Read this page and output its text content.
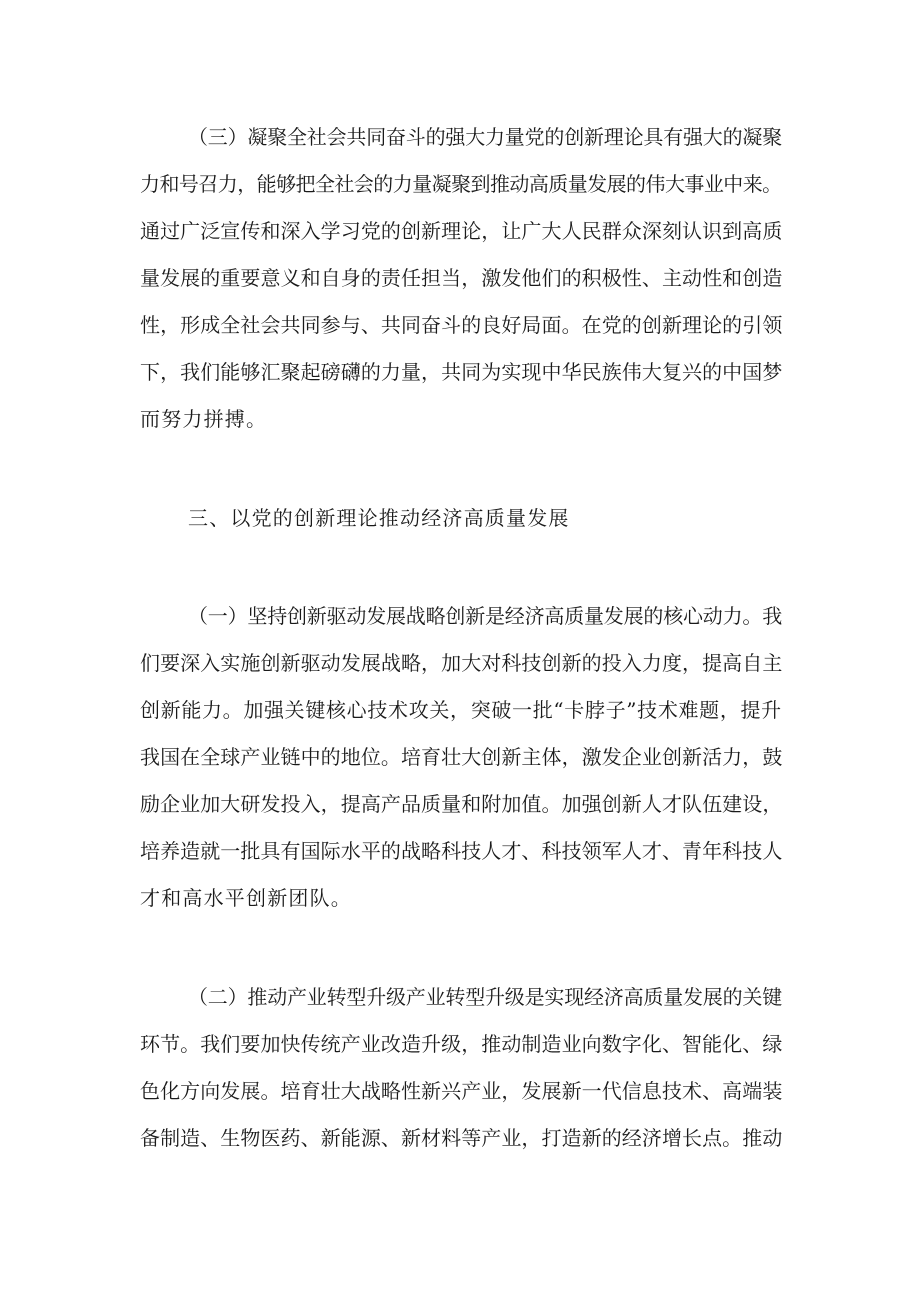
（三）凝聚全社会共同奋斗的强大力量党的创新理论具有强大的凝聚
力和号召力，能够把全社会的力量凝聚到推动高质量发展的伟大事业中来。
通过广泛宣传和深入学习党的创新理论，让广大人民群众深刻认识到高质
量发展的重要意义和自身的责任担当，激发他们的积极性、主动性和创造
性，形成全社会共同参与、共同奋斗的良好局面。在党的创新理论的引领
下，我们能够汇聚起磅礴的力量，共同为实现中华民族伟大复兴的中国梦
而努力拼搏。
三、以党的创新理论推动经济高质量发展
（一）坚持创新驱动发展战略创新是经济高质量发展的核心动力。我
们要深入实施创新驱动发展战略，加大对科技创新的投入力度，提高自主
创新能力。加强关键核心技术攻关，突破一批“卡脖子”技术难题，提升
我国在全球产业链中的地位。培育壮大创新主体，激发企业创新活力，鼓
励企业加大研发投入，提高产品质量和附加值。加强创新人才队伍建设，
培养造就一批具有国际水平的战略科技人才、科技领军人才、青年科技人
才和高水平创新团队。
（二）推动产业转型升级产业转型升级是实现经济高质量发展的关键
环节。我们要加快传统产业改造升级，推动制造业向数字化、智能化、绿
色化方向发展。培育壮大战略性新兴产业，发展新一代信息技术、高端装
备制造、生物医药、新能源、新材料等产业，打造新的经济增长点。推动
